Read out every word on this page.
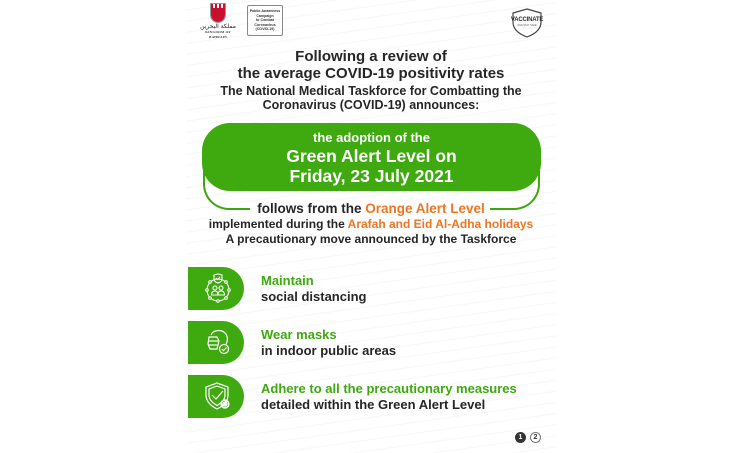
مملكة البحرين
KINGDOM OF BAHRAIN
Public Awareness
Campaign
to Combat
Coronavirus
(COVID-19)
VACCINATE
AND STAY SAFE
Following a review of
the average COVID-19 positivity rates
The National Medical Taskforce for Combatting the
Coronavirus (COVID-19) announces:
the adoption of the
Green Alert Level on
Friday, 23 July 2021
follows from the Orange Alert Level
implemented during the Arafah and Eid Al-Adha holidays
A precautionary move announced by the Taskforce
Maintain
social distancing
Wear masks
in indoor public areas
Adhere to all the precautionary measures
detailed within the Green Alert Level
1 2
